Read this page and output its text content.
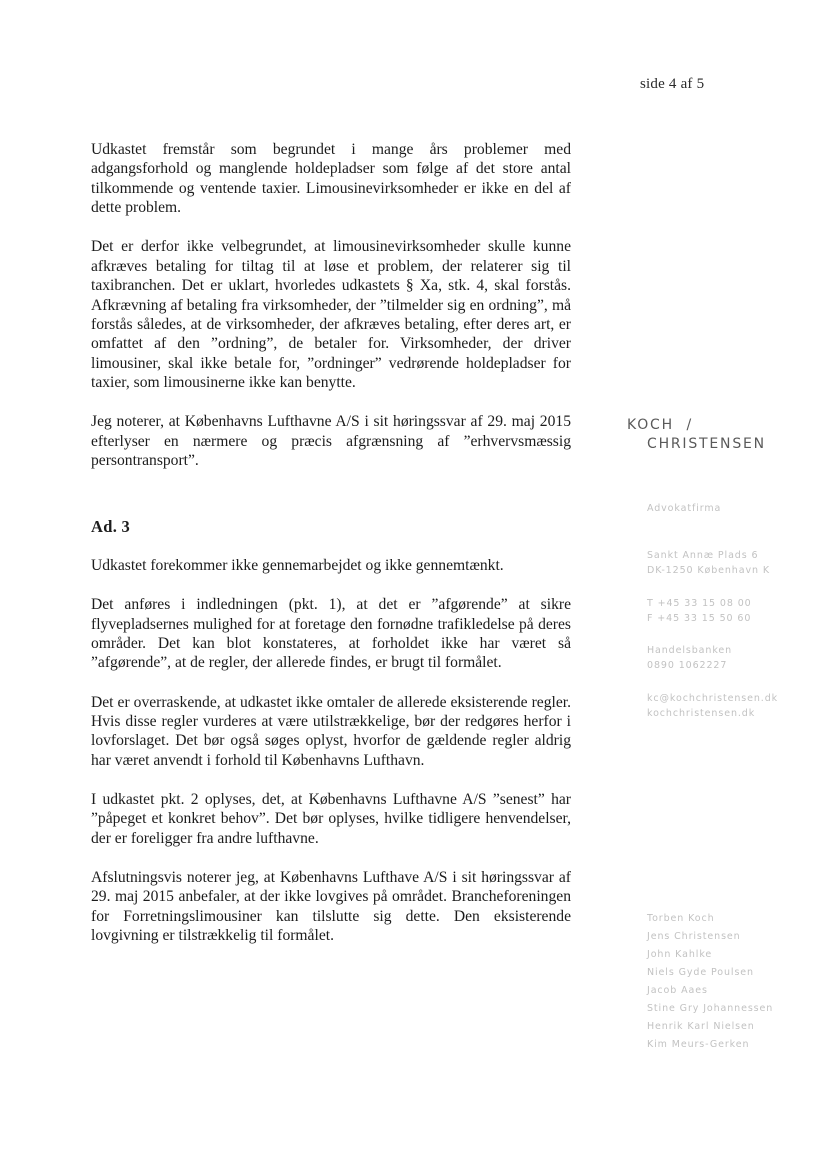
side 4 af 5

Udkastet fremstår som begrundet i mange års problemer med adgangsforhold og manglende holdepladser som følge af det store antal tilkommende og ventende taxier. Limousinevirksomheder er ikke en del af dette problem.

Det er derfor ikke velbegrundet, at limousinevirksomheder skulle kunne afkræves betaling for tiltag til at løse et problem, der relaterer sig til taxibranchen. Det er uklart, hvorledes udkastets § Xa, stk. 4, skal forstås. Afkrævning af betaling fra virksomheder, der ”tilmelder sig en ordning”, må forstås således, at de virksomheder, der afkræves betaling, efter deres art, er omfattet af den ”ordning”, de betaler for. Virksomheder, der driver limousiner, skal ikke betale for, ”ordninger” vedrørende holdepladser for taxier, som limousinerne ikke kan benytte.

Jeg noterer, at Københavns Lufthavne A/S i sit høringssvar af 29. maj 2015 efterlyser en nærmere og præcis afgrænsning af ”erhvervsmæssig persontransport”.

Ad. 3

Udkastet forekommer ikke gennemarbejdet og ikke gennemtænkt.

Det anføres i indledningen (pkt. 1), at det er ”afgørende” at sikre flyvepladsernes mulighed for at foretage den fornødne trafikledelse på deres områder. Det kan blot konstateres, at forholdet ikke har været så ”afgørende”, at de regler, der allerede findes, er brugt til formålet.

Det er overraskende, at udkastet ikke omtaler de allerede eksisterende regler. Hvis disse regler vurderes at være utilstrækkelige, bør der redgøres herfor i lovforslaget. Det bør også søges oplyst, hvorfor de gældende regler aldrig har været anvendt i forhold til Københavns Lufthavn.

I udkastet pkt. 2 oplyses, det, at Københavns Lufthavne A/S ”senest” har ”påpeget et konkret behov”. Det bør oplyses, hvilke tidligere henvendelser, der er foreligger fra andre lufthavne.

Afslutningsvis noterer jeg, at Københavns Lufthave A/S i sit høringssvar af 29. maj 2015 anbefaler, at der ikke lovgives på området. Brancheforeningen for Forretningslimousiner kan tilslutte sig dette. Den eksisterende lovgivning er tilstrækkelig til formålet.

KOCH  /
CHRISTENSEN
Advokatfirma
Sankt Annæ Plads 6
DK-1250 København K
T +45 33 15 08 00
F +45 33 15 50 60
Handelsbanken
0890 1062227
kc@kochchristensen.dk
kochchristensen.dk
Torben Koch
Jens Christensen
John Kahlke
Niels Gyde Poulsen
Jacob Aaes
Stine Gry Johannessen
Henrik Karl Nielsen
Kim Meurs-Gerken
